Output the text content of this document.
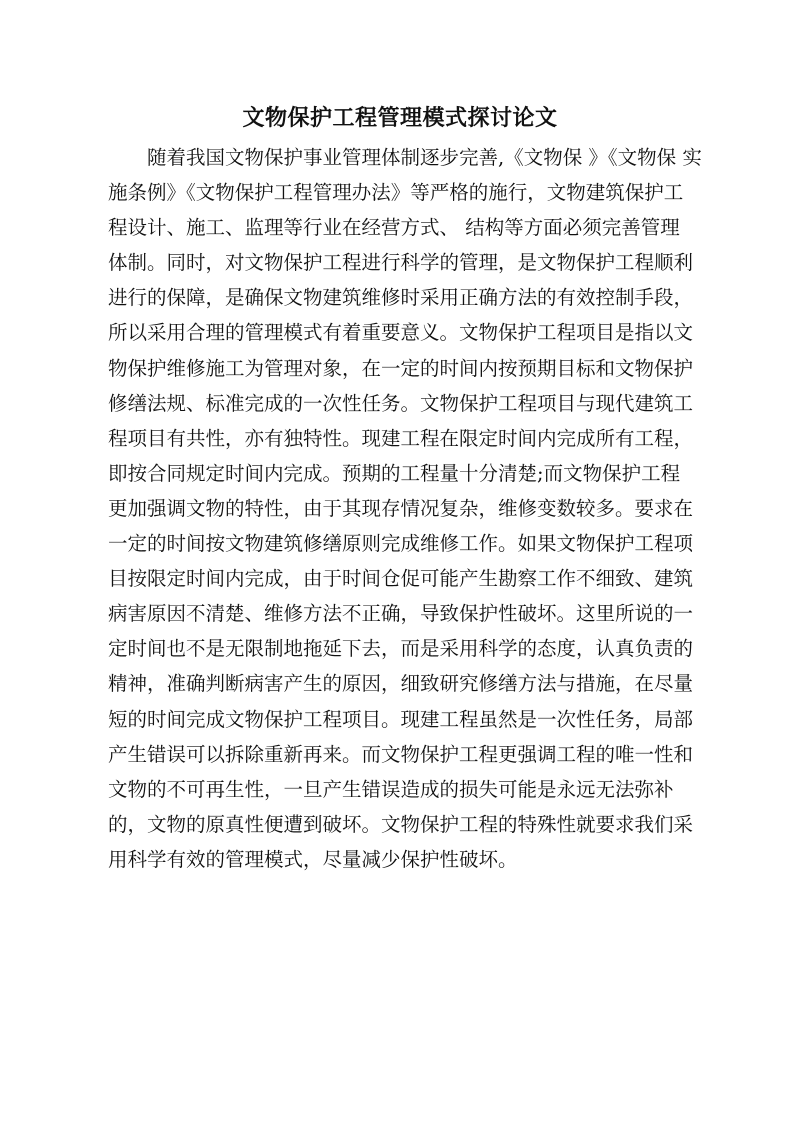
文物保护工程管理模式探讨论文
随着我国文物保护事业管理体制逐步完善,《文物保 》《文物保 实
施条例》《文物保护工程管理办法》等严格的施行，文物建筑保护工
程设计、施工、监理等行业在经营方式、 结构等方面必须完善管理
体制。同时，对文物保护工程进行科学的管理，是文物保护工程顺利
进行的保障，是确保文物建筑维修时采用正确方法的有效控制手段，
所以采用合理的管理模式有着重要意义。文物保护工程项目是指以文
物保护维修施工为管理对象，在一定的时间内按预期目标和文物保护
修缮法规、标准完成的一次性任务。文物保护工程项目与现代建筑工
程项目有共性，亦有独特性。现建工程在限定时间内完成所有工程，
即按合同规定时间内完成。预期的工程量十分清楚;而文物保护工程
更加强调文物的特性，由于其现存情况复杂，维修变数较多。要求在
一定的时间按文物建筑修缮原则完成维修工作。如果文物保护工程项
目按限定时间内完成，由于时间仓促可能产生勘察工作不细致、建筑
病害原因不清楚、维修方法不正确，导致保护性破坏。这里所说的一
定时间也不是无限制地拖延下去，而是采用科学的态度，认真负责的
精神，准确判断病害产生的原因，细致研究修缮方法与措施，在尽量
短的时间完成文物保护工程项目。现建工程虽然是一次性任务，局部
产生错误可以拆除重新再来。而文物保护工程更强调工程的唯一性和
文物的不可再生性，一旦产生错误造成的损失可能是永远无法弥补
的，文物的原真性便遭到破坏。文物保护工程的特殊性就要求我们采
用科学有效的管理模式，尽量减少保护性破坏。
